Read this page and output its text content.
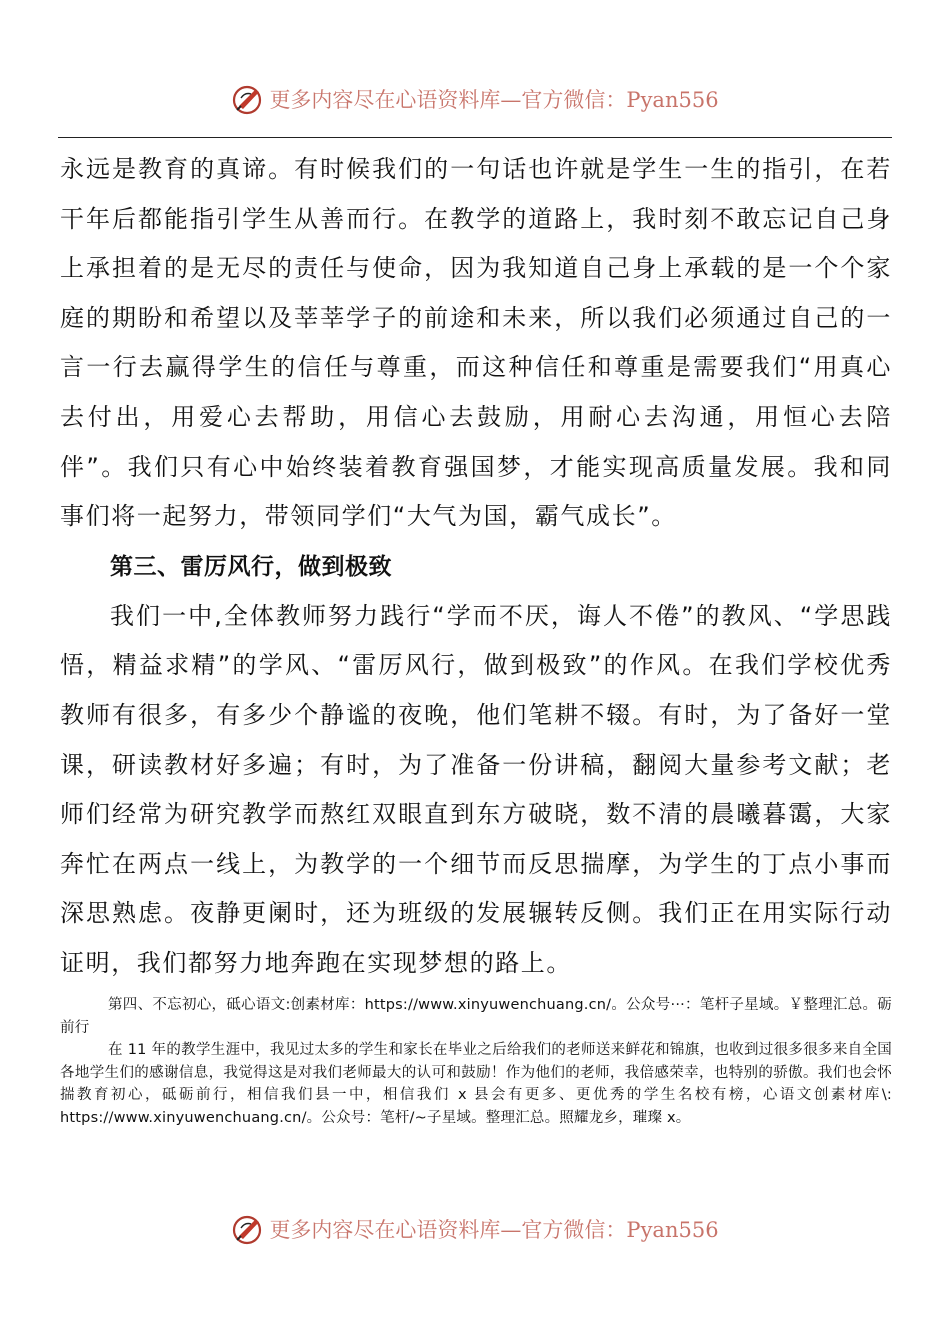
更多内容尽在心语资料库—官方微信：Pyan556

永远是教育的真谛。有时候我们的一句话也许就是学生一生的指引，在若干年后都能指引学生从善而行。在教学的道路上，我时刻不敢忘记自己身上承担着的是无尽的责任与使命，因为我知道自己身上承载的是一个个家庭的期盼和希望以及莘莘学子的前途和未来，所以我们必须通过自己的一言一行去赢得学生的信任与尊重，而这种信任和尊重是需要我们“用真心去付出，用爱心去帮助，用信心去鼓励，用耐心去沟通，用恒心去陪伴”。我们只有心中始终装着教育强国梦，才能实现高质量发展。我和同事们将一起努力，带领同学们“大气为国，霸气成长”。

第三、雷厉风行，做到极致

我们一中,全体教师努力践行“学而不厌，诲人不倦”的教风、“学思践悟，精益求精”的学风、“雷厉风行，做到极致”的作风。在我们学校优秀教师有很多，有多少个静谧的夜晚，他们笔耕不辍。有时，为了备好一堂课，研读教材好多遍；有时，为了准备一份讲稿，翻阅大量参考文献；老师们经常为研究教学而熬红双眼直到东方破晓，数不清的晨曦暮霭，大家奔忙在两点一线上，为教学的一个细节而反思揣摩，为学生的丁点小事而深思熟虑。夜静更阑时，还为班级的发展辗转反侧。我们正在用实际行动证明，我们都努力地奔跑在实现梦想的路上。

第四、不忘初心，砥心语文:创素材库：https://www.xinyuwenchuang.cn/。公众号···：笔杆子星域。￥整理汇总。砺前行

在 11 年的教学生涯中，我见过太多的学生和家长在毕业之后给我们的老师送来鲜花和锦旗，也收到过很多很多来自全国各地学生们的感谢信息，我觉得这是对我们老师最大的认可和鼓励！作为他们的老师，我倍感荣幸，也特别的骄傲。我们也会怀揣教育初心，砥砺前行，相信我们县一中，相信我们 x 县会有更多、更优秀的学生名校有榜，心语文创素材库\: https://www.xinyuwenchuang.cn/。公众号：笔杆/~子星域。整理汇总。照耀龙乡，璀璨 x。

更多内容尽在心语资料库—官方微信：Pyan556
